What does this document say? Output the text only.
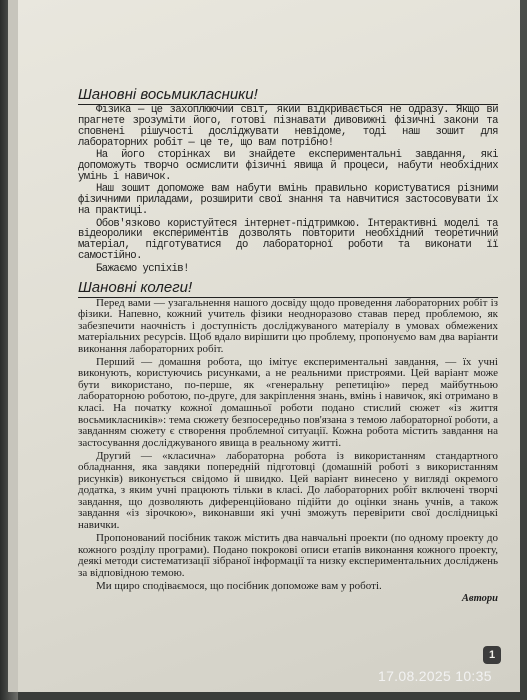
Шановні восьмикласники!

Фізика — це захоплюючий світ, який відкривається не одразу. Якщо ви прагнете зрозуміти його, готові пізнавати дивовижні фізичні закони та сповнені рішучості досліджувати невідоме, тоді наш зошит для лабораторних робіт — це те, що вам потрібно!

На його сторінках ви знайдете експериментальні завдання, які допоможуть творчо осмислити фізичні явища й процеси, набути необхідних умінь і навичок.

Наш зошит допоможе вам набути вмінь правильно користуватися різними фізичними приладами, розширити свої знання та навчитися застосовувати їх на практиці.

Обов'язково користуйтеся інтернет-підтримкою. Інтерактивні моделі та відеоролики експериментів дозволять повторити необхідний теоретичний матеріал, підготуватися до лабораторної роботи та виконати її самостійно.

Бажаємо успіхів!

Шановні колеги!

Перед вами — узагальнення нашого досвіду щодо проведення лабораторних робіт із фізики. Напевно, кожний учитель фізики неодноразово ставав перед проблемою, як забезпечити наочність і доступність досліджуваного матеріалу в умовах обмежених матеріальних ресурсів. Щоб вдало вирішити цю проблему, пропонуємо вам два варіанти виконання лабораторних робіт.

Перший — домашня робота, що імітує експериментальні завдання, — їх учні виконують, користуючись рисунками, а не реальними пристроями. Цей варіант може бути використано, по-перше, як «генеральну репетицію» перед майбутньою лабораторною роботою, по-друге, для закріплення знань, вмінь і навичок, які отримано в класі. На початку кожної домашньої роботи подано стислий сюжет «із життя восьмикласників»: тема сюжету безпосередньо пов'язана з темою лабораторної роботи, а завданням сюжету є створення проблемної ситуації. Кожна робота містить завдання на застосування досліджуваного явища в реальному житті.

Другий — «класична» лабораторна робота із використанням стандартного обладнання, яка завдяки попередній підготовці (домашній роботі з використанням рисунків) виконується свідомо й швидко. Цей варіант винесено у вигляді окремого додатка, з яким учні працюють тільки в класі. До лабораторних робіт включені творчі завдання, що дозволяють диференційовано підійти до оцінки знань учнів, а також завдання «із зірочкою», виконавши які учні зможуть перевірити свої дослідницькі навички.

Пропонований посібник також містить два навчальні проекти (по одному проекту до кожного розділу програми). Подано покрокові описи етапів виконання кожного проекту, деякі методи систематизації зібраної інформації та низку експериментальних досліджень за відповідною темою.

Ми щиро сподіваємося, що посібник допоможе вам у роботі.

Автори
1
17.08.2025 10:35
